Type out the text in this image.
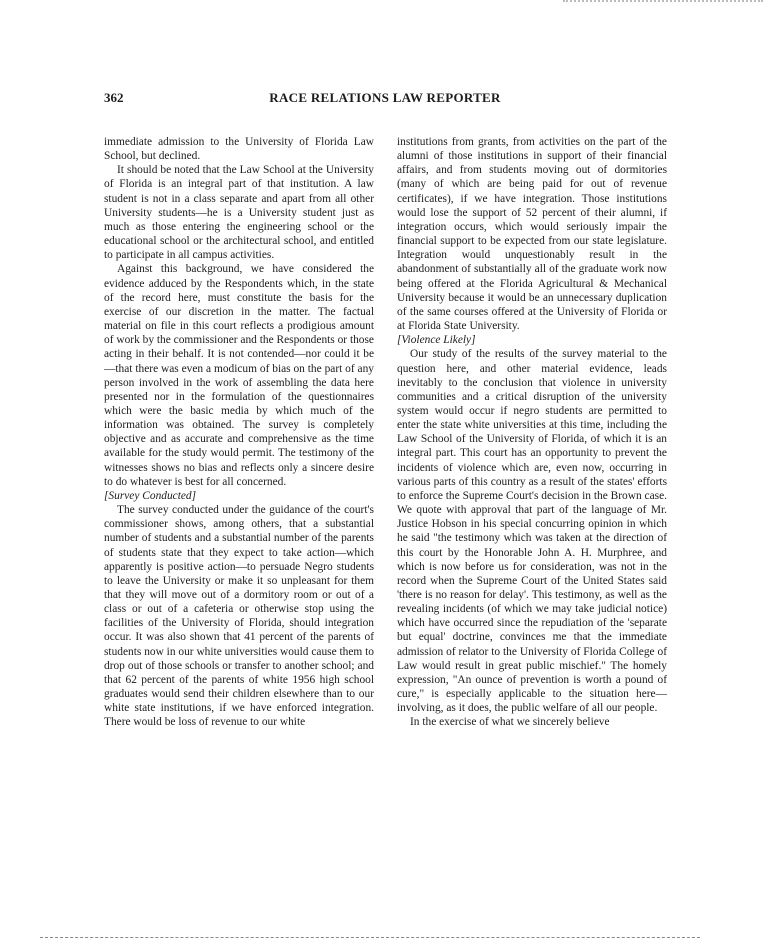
362	RACE RELATIONS LAW REPORTER

immediate admission to the University of Florida Law School, but declined.

It should be noted that the Law School at the University of Florida is an integral part of that institution. A law student is not in a class separate and apart from all other University students—he is a University student just as much as those entering the engineering school or the educational school or the architectural school, and entitled to participate in all campus activities.

Against this background, we have considered the evidence adduced by the Respondents which, in the state of the record here, must constitute the basis for the exercise of our discretion in the matter. The factual material on file in this court reflects a prodigious amount of work by the commissioner and the Respondents or those acting in their behalf. It is not contended—nor could it be—that there was even a modicum of bias on the part of any person involved in the work of assembling the data here presented nor in the formulation of the questionnaires which were the basic media by which much of the information was obtained. The survey is completely objective and as accurate and comprehensive as the time available for the study would permit. The testimony of the witnesses shows no bias and reflects only a sincere desire to do whatever is best for all concerned.

[Survey Conducted]

The survey conducted under the guidance of the court's commissioner shows, among others, that a substantial number of students and a substantial number of the parents of students state that they expect to take action—which apparently is positive action—to persuade Negro students to leave the University or make it so unpleasant for them that they will move out of a dormitory room or out of a class or out of a cafeteria or otherwise stop using the facilities of the University of Florida, should integration occur. It was also shown that 41 percent of the parents of students now in our white universities would cause them to drop out of those schools or transfer to another school; and that 62 percent of the parents of white 1956 high school graduates would send their children elsewhere than to our white state institutions, if we have enforced integration. There would be loss of revenue to our white

institutions from grants, from activities on the part of the alumni of those institutions in support of their financial affairs, and from students moving out of dormitories (many of which are being paid for out of revenue certificates), if we have integration. Those institutions would lose the support of 52 percent of their alumni, if integration occurs, which would seriously impair the financial support to be expected from our state legislature. Integration would unquestionably result in the abandonment of substantially all of the graduate work now being offered at the Florida Agricultural & Mechanical University because it would be an unnecessary duplication of the same courses offered at the University of Florida or at Florida State University.

[Violence Likely]

Our study of the results of the survey material to the question here, and other material evidence, leads inevitably to the conclusion that violence in university communities and a critical disruption of the university system would occur if negro students are permitted to enter the state white universities at this time, including the Law School of the University of Florida, of which it is an integral part. This court has an opportunity to prevent the incidents of violence which are, even now, occurring in various parts of this country as a result of the states' efforts to enforce the Supreme Court's decision in the Brown case. We quote with approval that part of the language of Mr. Justice Hobson in his special concurring opinion in which he said "the testimony which was taken at the direction of this court by the Honorable John A. H. Murphree, and which is now before us for consideration, was not in the record when the Supreme Court of the United States said 'there is no reason for delay'. This testimony, as well as the revealing incidents (of which we may take judicial notice) which have occurred since the repudiation of the 'separate but equal' doctrine, convinces me that the immediate admission of relator to the University of Florida College of Law would result in great public mischief." The homely expression, "An ounce of prevention is worth a pound of cure," is especially applicable to the situation here—involving, as it does, the public welfare of all our people.

In the exercise of what we sincerely believe
